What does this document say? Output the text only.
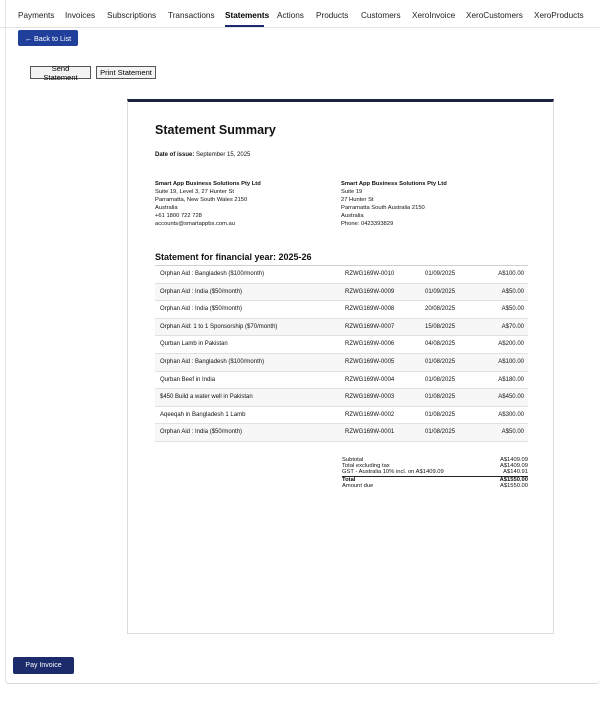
Payments Invoices Subscriptions Transactions Statements Actions Products Customers XeroInvoice XeroCustomers XeroProducts
← Back to List
Send Statement	Print Statement
Statement Summary
Date of issue: September 15, 2025
Smart App Business Solutions Pty Ltd
Suite 19, Level 3, 27 Hunter St
Parramatta, New South Wales 2150
Australia
+61 1800 722 728
accounts@smartappbs.com.au
Smart App Business Solutions Pty Ltd
Suite 19
27 Hunter St
Parramatta South Australia 2150
Australia
Phone: 0423393829
Statement for financial year: 2025-26
Orphan Aid : Bangladesh ($100/month)	RZWG169W-0010	01/09/2025	A$100.00
Orphan Aid : India ($50/month)	RZWG169W-0009	01/09/2025	A$50.00
Orphan Aid : India ($50/month)	RZWG169W-0008	20/08/2025	A$50.00
Orphan Aid: 1 to 1 Sponsorship ($70/month)	RZWG169W-0007	15/08/2025	A$70.00
Qurban Lamb in Pakistan	RZWG169W-0006	04/08/2025	A$200.00
Orphan Aid : Bangladesh ($100/month)	RZWG169W-0005	01/08/2025	A$100.00
Qurban Beef in India	RZWG169W-0004	01/08/2025	A$180.00
$450 Build a water well in Pakistan	RZWG169W-0003	01/08/2025	A$450.00
Aqeeqah in Bangladesh 1 Lamb	RZWG169W-0002	01/08/2025	A$300.00
Orphan Aid : India ($50/month)	RZWG169W-0001	01/08/2025	A$50.00
Subtotal	A$1409.09
Total excluding tax	A$1409.09
GST - Australia 10% incl. on A$1409.09	A$140.91
Total	A$1550.00
Amount due	A$1550.00
Pay Invoice
